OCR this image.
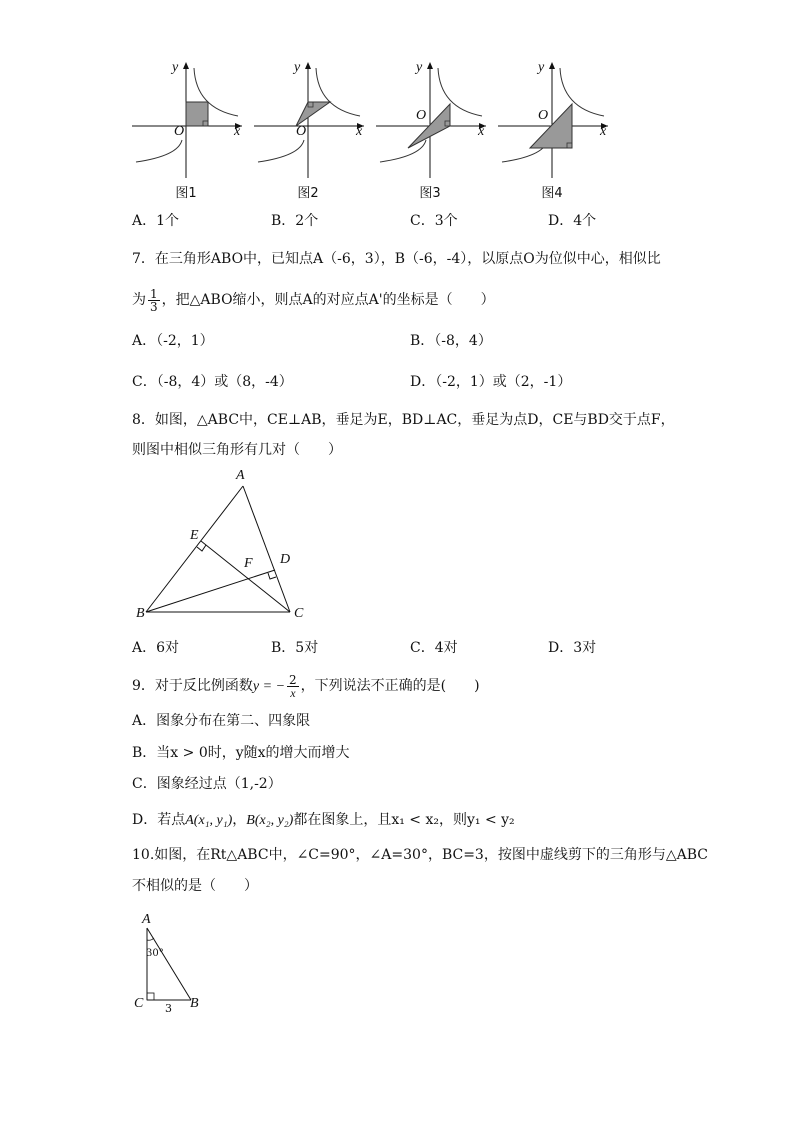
y
x
O
图1
y
x
O
图2
y
x
O
图3
y
x
O
图4
A．1个	B．2个	C．3个	D．4个
7．在三角形ABO中，已知点A（-6，3），B（-6，-4），以原点O为位似中心，相似比
为 $\frac{1}{3}$ ，把△ABO缩小，则点A的对应点A'的坐标是（　　）
A．（-2，1）	B．（-8，4）
C．（-8，4）或（8，-4）	D．（-2，1）或（2，-1）
8．如图，△ABC中，CE⊥AB，垂足为E，BD⊥AC，垂足为点D，CE与BD交于点F，
则图中相似三角形有几对（　　）
A
B	C
D
E
F
A．6对	B．5对	C．4对	D．3对
9．对于反比例函数y = − $\frac{2}{x}$ ，下列说法不正确的是(　　)
A．图象分布在第二、四象限
B．当x > 0时，y随x的增大而增大
C．图象经过点（1,-2）
D．若点A(x₁, y₁)，B(x₂, y₂)都在图象上，且x₁ < x₂，则y₁ < y₂
10.如图，在Rt△ABC中，∠C=90°，∠A=30°，BC=3，按图中虚线剪下的三角形与△ABC
不相似的是（　　）
A
C	B
30°
3
